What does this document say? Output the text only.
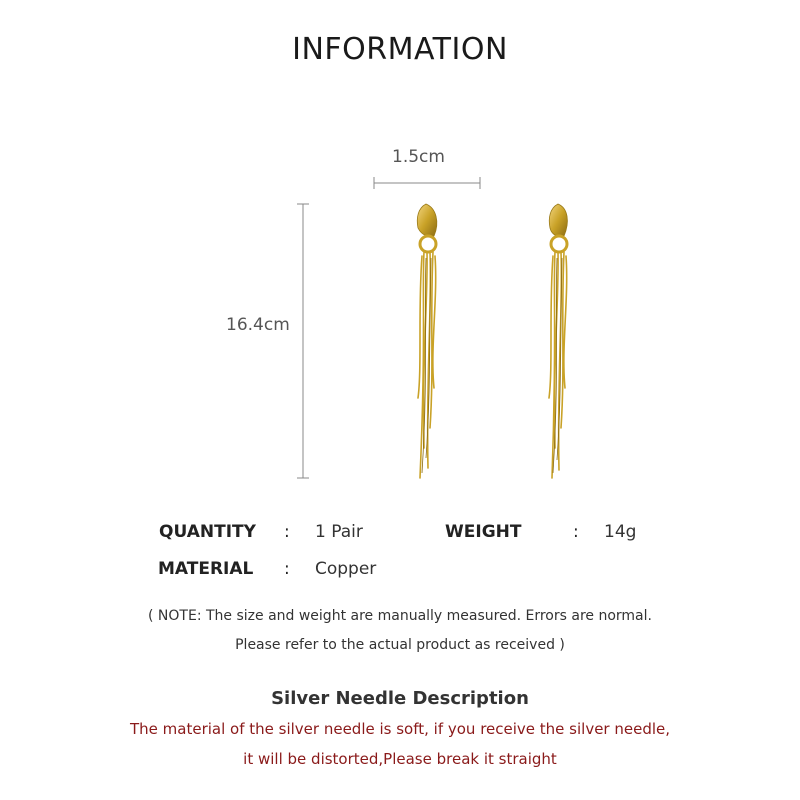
INFORMATION
1.5cm
16.4cm
QUANTITY : 1 Pair	WEIGHT	: 14g
MATERIAL : Copper
( NOTE: The size and weight are manually measured. Errors are normal.
Please refer to the actual product as received )
Silver Needle Description
The material of the silver needle is soft, if you receive the silver needle,
it will be distorted,Please break it straight
